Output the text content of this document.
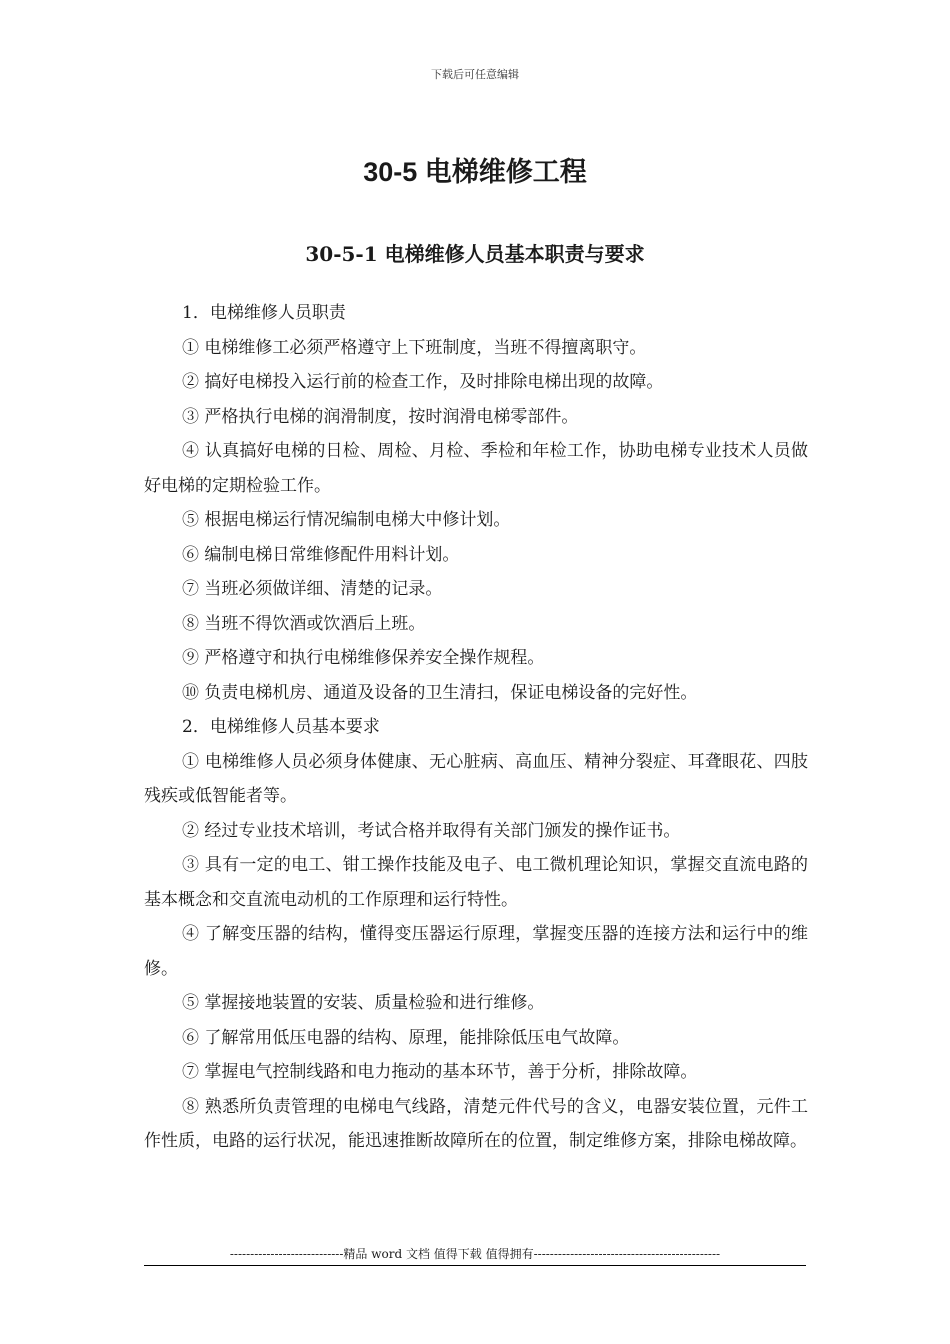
下载后可任意编辑
30-5 电梯维修工程
30-5-1 电梯维修人员基本职责与要求

1．电梯维修人员职责

① 电梯维修工必须严格遵守上下班制度，当班不得擅离职守。

② 搞好电梯投入运行前的检查工作，及时排除电梯出现的故障。

③ 严格执行电梯的润滑制度，按时润滑电梯零部件。

④ 认真搞好电梯的日检、周检、月检、季检和年检工作，协助电梯专业技术人员做好电梯的定期检验工作。

⑤ 根据电梯运行情况编制电梯大中修计划。

⑥ 编制电梯日常维修配件用料计划。

⑦ 当班必须做详细、清楚的记录。

⑧ 当班不得饮酒或饮酒后上班。

⑨ 严格遵守和执行电梯维修保养安全操作规程。

⑩ 负责电梯机房、通道及设备的卫生清扫，保证电梯设备的完好性。

2．电梯维修人员基本要求

① 电梯维修人员必须身体健康、无心脏病、高血压、精神分裂症、耳聋眼花、四肢残疾或低智能者等。

② 经过专业技术培训，考试合格并取得有关部门颁发的操作证书。

③ 具有一定的电工、钳工操作技能及电子、电工微机理论知识，掌握交直流电路的基本概念和交直流电动机的工作原理和运行特性。

④ 了解变压器的结构，懂得变压器运行原理，掌握变压器的连接方法和运行中的维修。

⑤ 掌握接地装置的安装、质量检验和进行维修。

⑥ 了解常用低压电器的结构、原理，能排除低压电气故障。

⑦ 掌握电气控制线路和电力拖动的基本环节，善于分析，排除故障。

⑧ 熟悉所负责管理的电梯电气线路，清楚元件代号的含义，电器安装位置，元件工作性质，电路的运行状况，能迅速推断故障所在的位置，制定维修方案，排除电梯故障。

----------------------------精品 word 文档 值得下载 值得拥有----------------------------------------------
